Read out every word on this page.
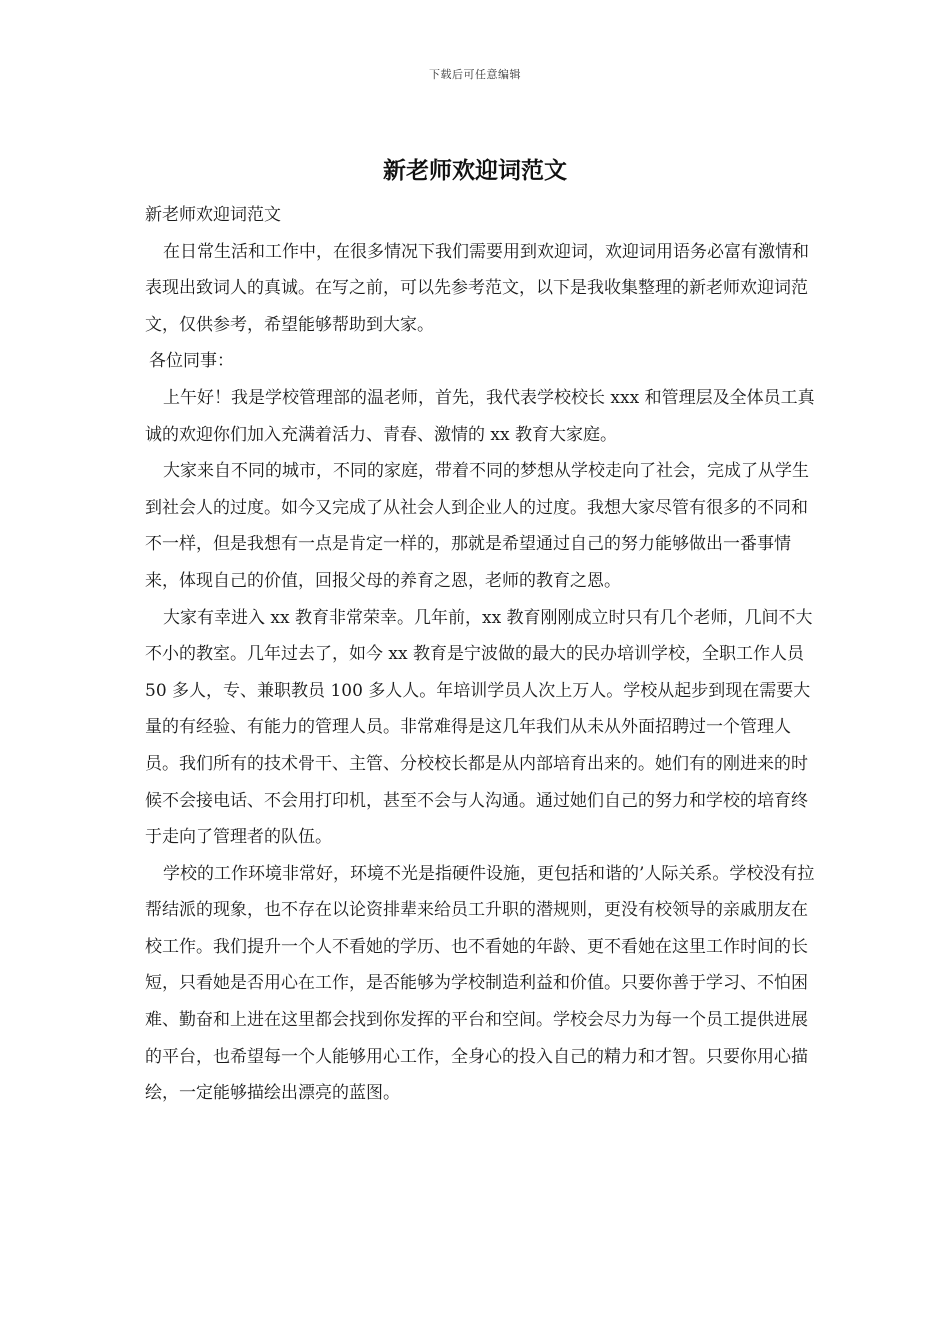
下载后可任意编辑
新老师欢迎词范文

新老师欢迎词范文

在日常生活和工作中，在很多情况下我们需要用到欢迎词，欢迎词用语务必富有激情和表现出致词人的真诚。在写之前，可以先参考范文，以下是我收集整理的新老师欢迎词范文，仅供参考，希望能够帮助到大家。

各位同事：

上午好！我是学校管理部的温老师，首先，我代表学校校长 xxx 和管理层及全体员工真诚的欢迎你们加入充满着活力、青春、激情的 xx 教育大家庭。

大家来自不同的城市，不同的家庭，带着不同的梦想从学校走向了社会，完成了从学生到社会人的过度。如今又完成了从社会人到企业人的过度。我想大家尽管有很多的不同和不一样，但是我想有一点是肯定一样的，那就是希望通过自己的努力能够做出一番事情来，体现自己的价值，回报父母的养育之恩，老师的教育之恩。

大家有幸进入 xx 教育非常荣幸。几年前，xx 教育刚刚成立时只有几个老师，几间不大不小的教室。几年过去了，如今 xx 教育是宁波做的最大的民办培训学校，全职工作人员 50 多人，专、兼职教员 100 多人人。年培训学员人次上万人。学校从起步到现在需要大量的有经验、有能力的管理人员。非常难得是这几年我们从未从外面招聘过一个管理人员。我们所有的技术骨干、主管、分校校长都是从内部培育出来的。她们有的刚进来的时候不会接电话、不会用打印机，甚至不会与人沟通。通过她们自己的努力和学校的培育终于走向了管理者的队伍。

学校的工作环境非常好，环境不光是指硬件设施，更包括和谐的’人际关系。学校没有拉帮结派的现象，也不存在以论资排辈来给员工升职的潜规则，更没有校领导的亲戚朋友在校工作。我们提升一个人不看她的学历、也不看她的年龄、更不看她在这里工作时间的长短，只看她是否用心在工作，是否能够为学校制造利益和价值。只要你善于学习、不怕困难、勤奋和上进在这里都会找到你发挥的平台和空间。学校会尽力为每一个员工提供进展的平台，也希望每一个人能够用心工作，全身心的投入自己的精力和才智。只要你用心描绘，一定能够描绘出漂亮的蓝图。
